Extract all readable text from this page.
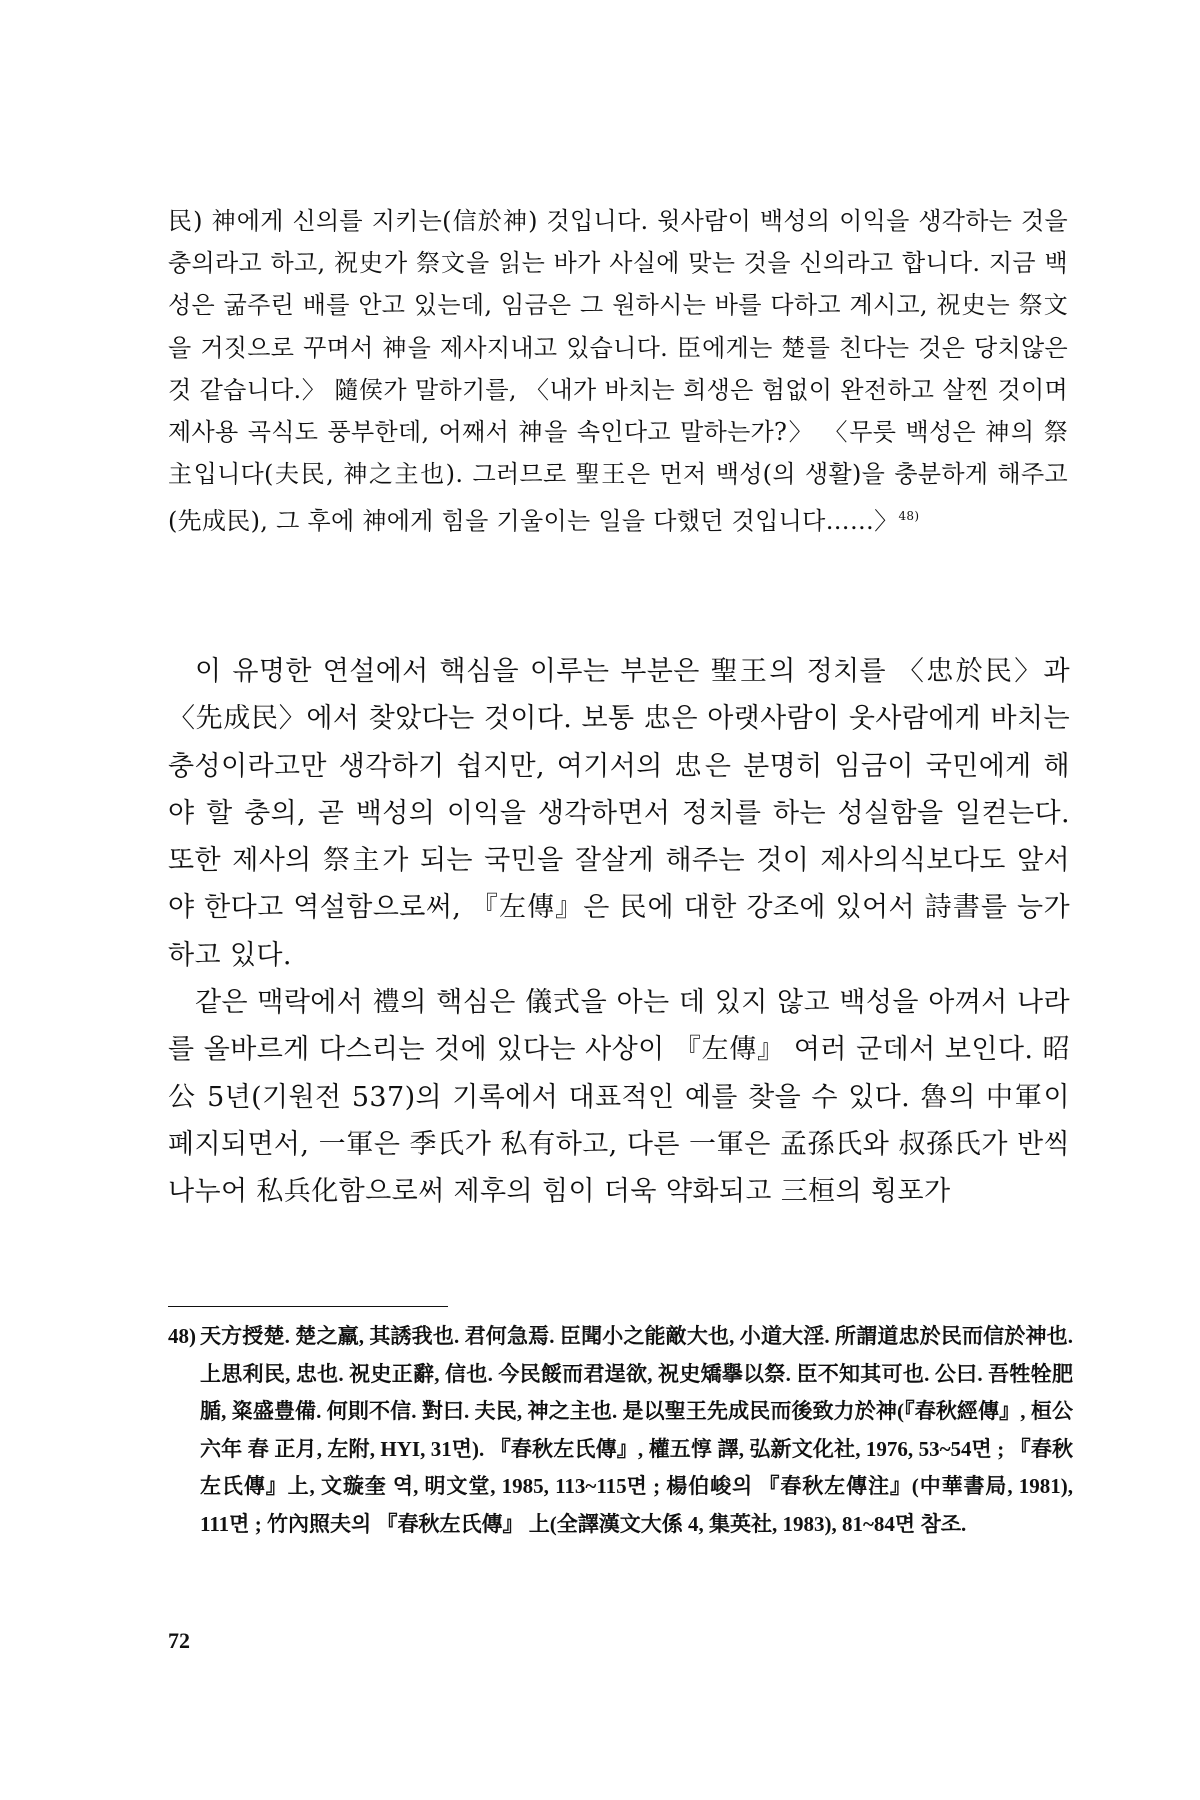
民) 神에게 신의를 지키는(信於神) 것입니다. 윗사람이 백성의 이익을 생각하는 것을 충의라고 하고, 祝史가 祭文을 읽는 바가 사실에 맞는 것을 신의라고 합니다. 지금 백성은 굶주린 배를 안고 있는데, 임금은 그 원하시는 바를 다하고 계시고, 祝史는 祭文을 거짓으로 꾸며서 神을 제사지내고 있습니다. 臣에게는 楚를 친다는 것은 당치않은 것 같습니다.〉 隨侯가 말하기를, 〈내가 바치는 희생은 험없이 완전하고 살찐 것이며 제사용 곡식도 풍부한데, 어째서 神을 속인다고 말하는가?〉 〈무릇 백성은 神의 祭主입니다(夫民, 神之主也). 그러므로 聖王은 먼저 백성(의 생활)을 충분하게 해주고(先成民), 그 후에 神에게 힘을 기울이는 일을 다했던 것입니다……〉$^{48)}$

이 유명한 연설에서 핵심을 이루는 부분은 聖王의 정치를 〈忠於民〉과 〈先成民〉에서 찾았다는 것이다. 보통 忠은 아랫사람이 웃사람에게 바치는 충성이라고만 생각하기 쉽지만, 여기서의 忠은 분명히 임금이 국민에게 해야 할 충의, 곧 백성의 이익을 생각하면서 정치를 하는 성실함을 일컫는다. 또한 제사의 祭主가 되는 국민을 잘살게 해주는 것이 제사의식보다도 앞서야 한다고 역설함으로써, 『左傳』은 民에 대한 강조에 있어서 詩書를 능가하고 있다.

같은 맥락에서 禮의 핵심은 儀式을 아는 데 있지 않고 백성을 아껴서 나라를 올바르게 다스리는 것에 있다는 사상이 『左傳』 여러 군데서 보인다. 昭公 5년(기원전 537)의 기록에서 대표적인 예를 찾을 수 있다. 魯의 中軍이 폐지되면서, 一軍은 季氏가 私有하고, 다른 一軍은 孟孫氏와 叔孫氏가 반씩 나누어 私兵化함으로써 제후의 힘이 더욱 약화되고 三桓의 횡포가

48) 天方授楚. 楚之羸, 其誘我也. 君何急焉. 臣聞小之能敵大也, 小道大淫. 所謂道忠於民而信於神也. 上思利民, 忠也. 祝史正辭, 信也. 今民餒而君逞欲, 祝史矯擧以祭. 臣不知其可也. 公曰. 吾牲牷肥腯, 粢盛豊備. 何則不信. 對曰. 夫民, 神之主也. 是以聖王先成民而後致力於神(『春秋經傳』, 桓公 六年 春 正月, 左附, HYI, 31면). 『春秋左氏傳』, 權五惇 譯, 弘新文化社, 1976, 53~54면 ; 『春秋左氏傳』上, 文璇奎 역, 明文堂, 1985, 113~115면 ; 楊伯峻의 『春秋左傳注』(中華書局, 1981), 111면 ; 竹內照夫의 『春秋左氏傳』 上(全譯漢文大係 4, 集英社, 1983), 81~84면 참조.
72
